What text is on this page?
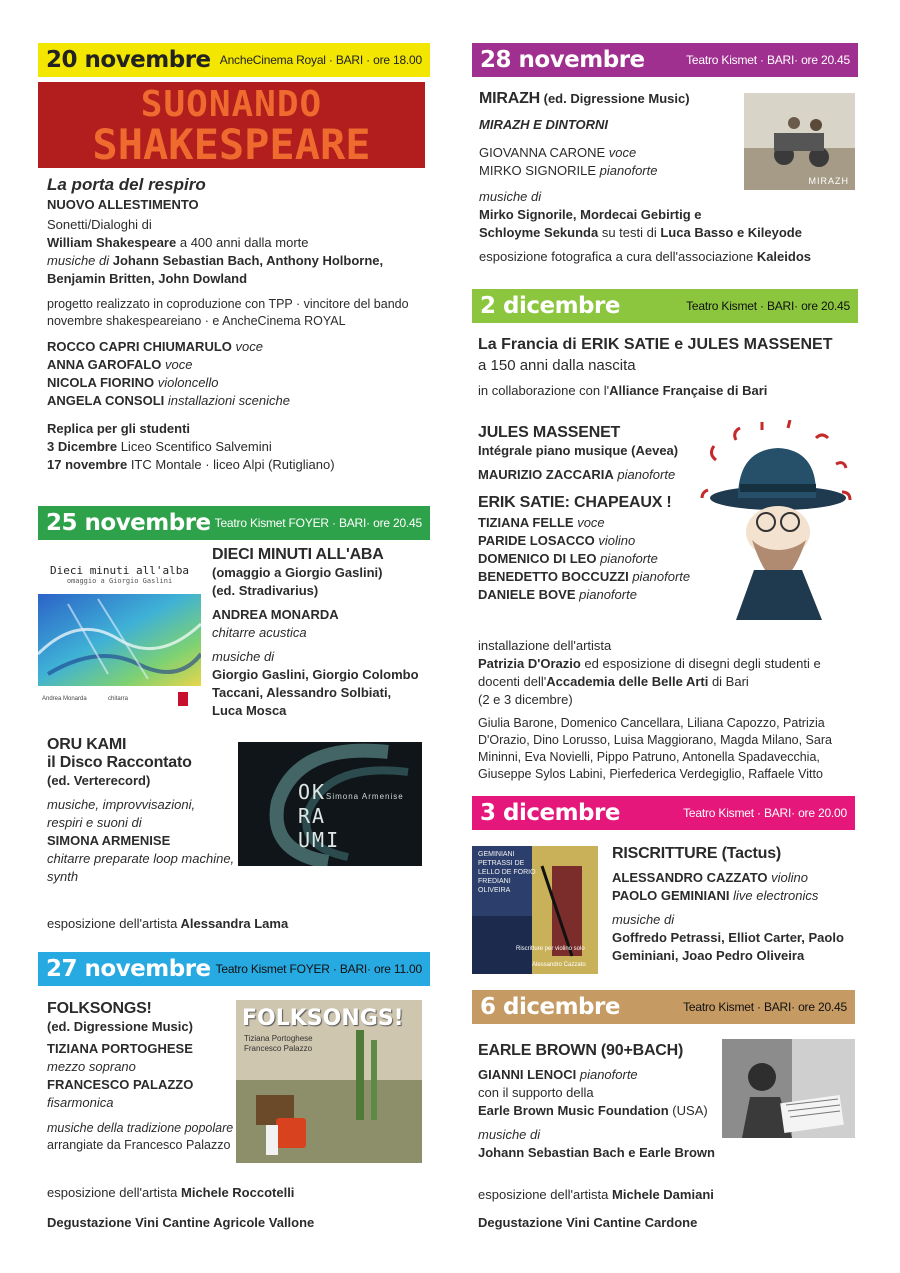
20 novembre AncheCinema Royal · BARI · ore 18.00
SUONANDO
SHAKESPEARE

La porta del respiro

NUOVO ALLESTIMENTO

Sonetti/Dialoghi di

William Shakespeare a 400 anni dalla morte

musiche di Johann Sebastian Bach, Anthony Holborne,

Benjamin Britten, John Dowland

progetto realizzato in coproduzione con TPP · vincitore del bando

novembre shakespeareiano · e AncheCinema ROYAL

ROCCO CAPRI CHIUMARULO voce

ANNA GAROFALO voce

NICOLA FIORINO violoncello

ANGELA CONSOLI installazioni sceniche

Replica per gli studenti

3 Dicembre Liceo Scentifico Salvemini

17 novembre ITC Montale · liceo Alpi (Rutigliano)

25 novembre Teatro Kismet FOYER · BARI· ore 20.45
Dieci minuti all'alba
omaggio a Giorgio Gaslini
Andrea Monarda	chitarra

DIECI MINUTI ALL'ABA

(omaggio a Giorgio Gaslini)

(ed. Stradivarius)

ANDREA MONARDA

chitarre acustica

musiche di

Giorgio Gaslini, Giorgio Colombo

Taccani, Alessandro Solbiati,

Luca Mosca

ORU KAMI

il Disco Raccontato

(ed. Verterecord)

musiche, improvvisazioni,

respiri e suoni di

SIMONA ARMENISE

chitarre preparate loop machine,

synth

OK
RA
UMI
Simona Armenise

esposizione dell'artista Alessandra Lama

27 novembre Teatro Kismet FOYER · BARI· ore 11.00

FOLKSONGS!

(ed. Digressione Music)

TIZIANA PORTOGHESE

mezzo soprano

FRANCESCO PALAZZO

fisarmonica

musiche della tradizione popolare

arrangiate da Francesco Palazzo

FOLKSONGS!
Tiziana Portoghese
Francesco Palazzo

esposizione dell'artista Michele Roccotelli

Degustazione Vini Cantine Agricole Vallone

28 novembre	Teatro Kismet · BARI· ore 20.45

MIRAZH (ed. Digressione Music)

MIRAZH E DINTORNI

GIOVANNA CARONE voce

MIRKO SIGNORILE pianoforte

musiche di

Mirko Signorile, Mordecai Gebirtig e

Schloyme Sekunda su testi di Luca Basso e Kileyode

esposizione fotografica a cura dell'associazione Kaleidos

MIRAZH
2 dicembre	Teatro Kismet · BARI· ore 20.45

La Francia di ERIK SATIE e JULES MASSENET

a 150 anni dalla nascita

in collaborazione con l'Alliance Française di Bari

JULES MASSENET

Intégrale piano musique (Aevea)

MAURIZIO ZACCARIA pianoforte

ERIK SATIE: CHAPEAUX !

TIZIANA FELLE voce

PARIDE LOSACCO violino

DOMENICO DI LEO pianoforte

BENEDETTO BOCCUZZI pianoforte

DANIELE BOVE pianoforte

installazione dell'artista

Patrizia D'Orazio ed esposizione di disegni degli studenti e

docenti dell'Accademia delle Belle Arti di Bari

(2 e 3 dicembre)

Giulia Barone, Domenico Cancellara, Liliana Capozzo, Patrizia

D'Orazio, Dino Lorusso, Luisa Maggiorano, Magda Milano, Sara

Mininni, Eva Novielli, Pippo Patruno, Antonella Spadavecchia,

Giuseppe Sylos Labini, Pierfederica Verdegiglio, Raffaele Vitto

3 dicembre	Teatro Kismet · BARI· ore 20.00
GEMINIANI PETRASSI DE LELLO DE FORIO FREDIANI OLIVEIRA
Riscritture per violino solo
Alessandro Cazzato

RISCRITTURE (Tactus)

ALESSANDRO CAZZATO violino

PAOLO GEMINIANI live electronics

musiche di

Goffredo Petrassi, Elliot Carter, Paolo

Geminiani, Joao Pedro Oliveira

6 dicembre	Teatro Kismet · BARI· ore 20.45

EARLE BROWN (90+BACH)

GIANNI LENOCI pianoforte

con il supporto della

Earle Brown Music Foundation (USA)

musiche di

Johann Sebastian Bach e Earle Brown

esposizione dell'artista Michele Damiani

Degustazione Vini Cantine Cardone
